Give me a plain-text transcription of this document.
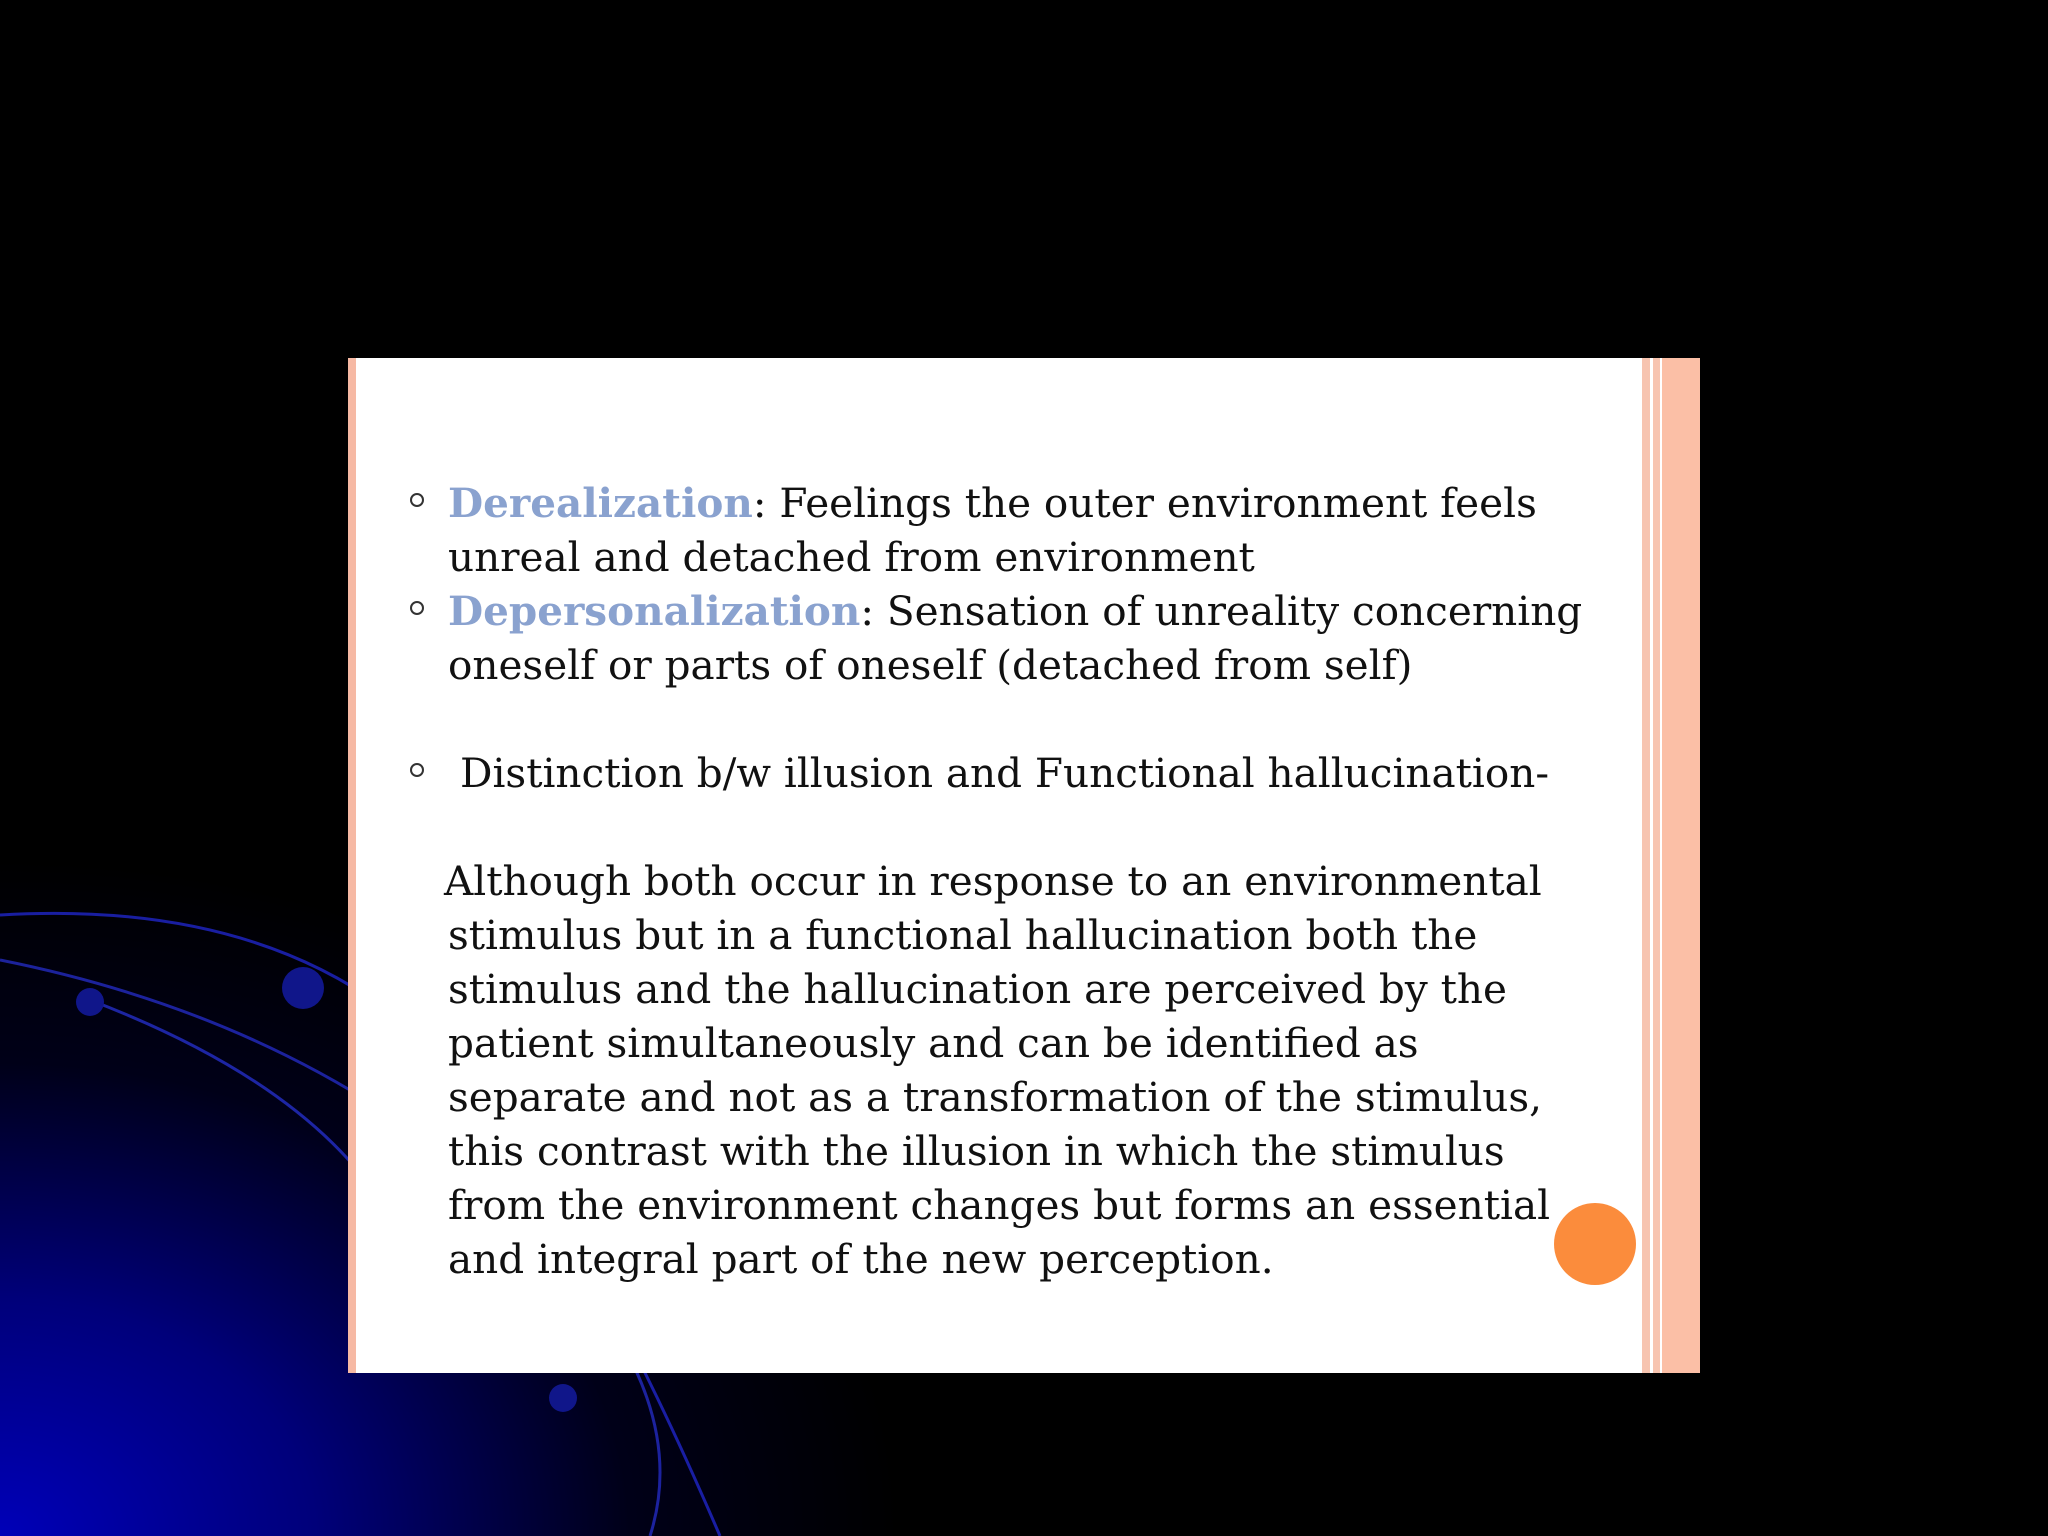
Derealization: Feelings the outer environment feels
unreal and detached from environment
Depersonalization: Sensation of unreality concerning
oneself or parts of oneself (detached from self)
Distinction b/w illusion and Functional hallucination-
Although both occur in response to an environmental
stimulus but in a functional hallucination both the
stimulus and the hallucination are perceived by the
patient simultaneously and can be identified as
separate and not as a transformation of the stimulus,
this contrast with the illusion in which the stimulus
from the environment changes but forms an essential
and integral part of the new perception.
